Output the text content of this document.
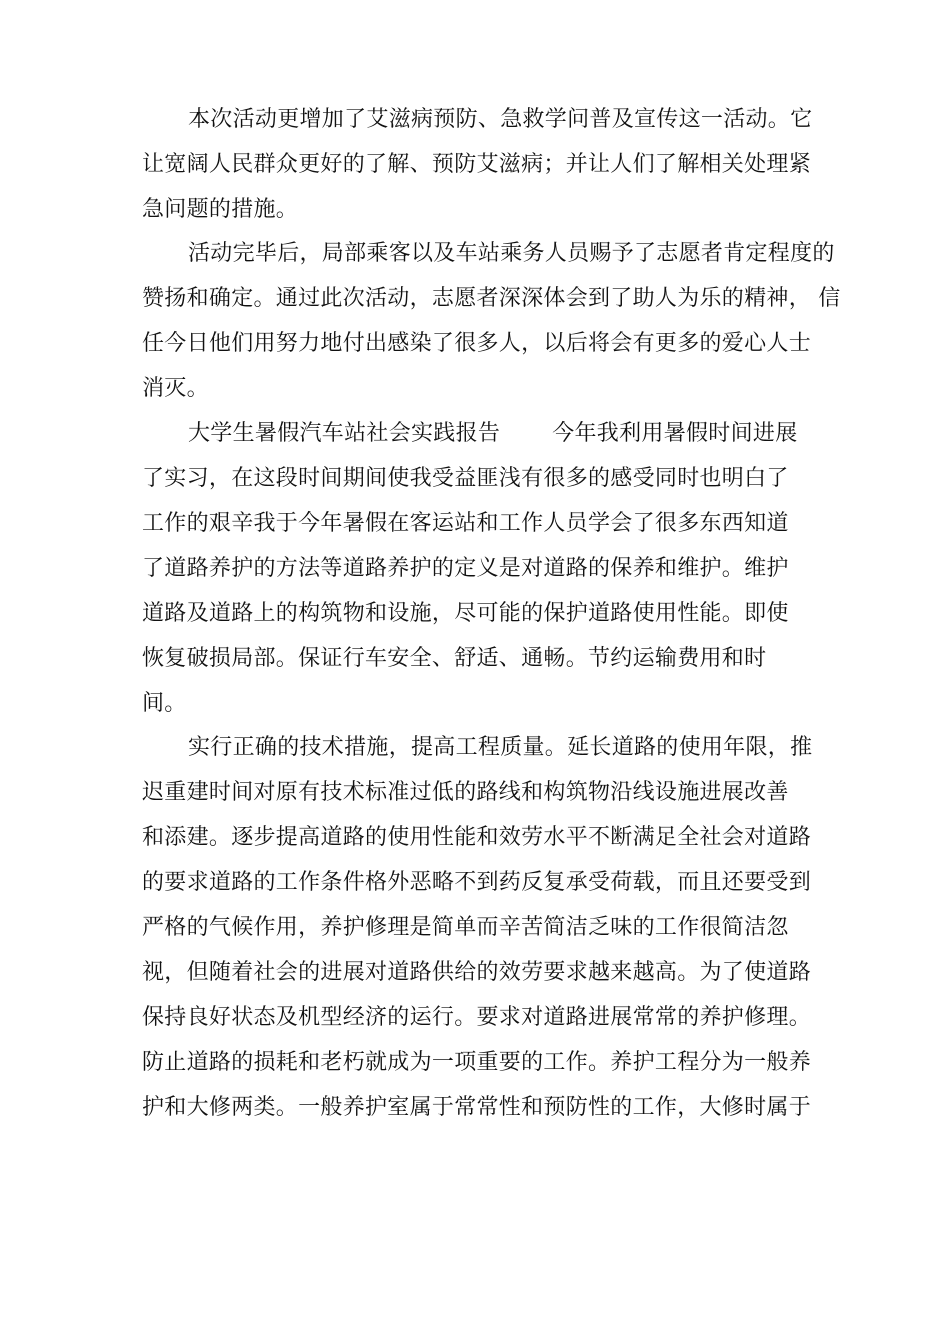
本次活动更增加了艾滋病预防、急救学问普及宣传这一活动。它
让宽阔人民群众更好的了解、预防艾滋病；并让人们了解相关处理紧
急问题的措施。
活动完毕后，局部乘客以及车站乘务人员赐予了志愿者肯定程度的
赞扬和确定。通过此次活动，志愿者深深体会到了助人为乐的精神， 信
任今日他们用努力地付出感染了很多人，以后将会有更多的爱心人士
消灭。
大学生暑假汽车站社会实践报告 今年我利用暑假时间进展
了实习，在这段时间期间使我受益匪浅有很多的感受同时也明白了
工作的艰辛我于今年暑假在客运站和工作人员学会了很多东西知道
了道路养护的方法等道路养护的定义是对道路的保养和维护。维护
道路及道路上的构筑物和设施，尽可能的保护道路使用性能。即使
恢复破损局部。保证行车安全、舒适、通畅。节约运输费用和时
间。
实行正确的技术措施，提高工程质量。延长道路的使用年限，推
迟重建时间对原有技术标准过低的路线和构筑物沿线设施进展改善
和添建。逐步提高道路的使用性能和效劳水平不断满足全社会对道路
的要求道路的工作条件格外恶略不到药反复承受荷载，而且还要受到
严格的气候作用，养护修理是简单而辛苦简洁乏味的工作很简洁忽
视，但随着社会的进展对道路供给的效劳要求越来越高。为了使道路
保持良好状态及机型经济的运行。要求对道路进展常常的养护修理。
防止道路的损耗和老朽就成为一项重要的工作。养护工程分为一般养
护和大修两类。一般养护室属于常常性和预防性的工作，大修时属于
